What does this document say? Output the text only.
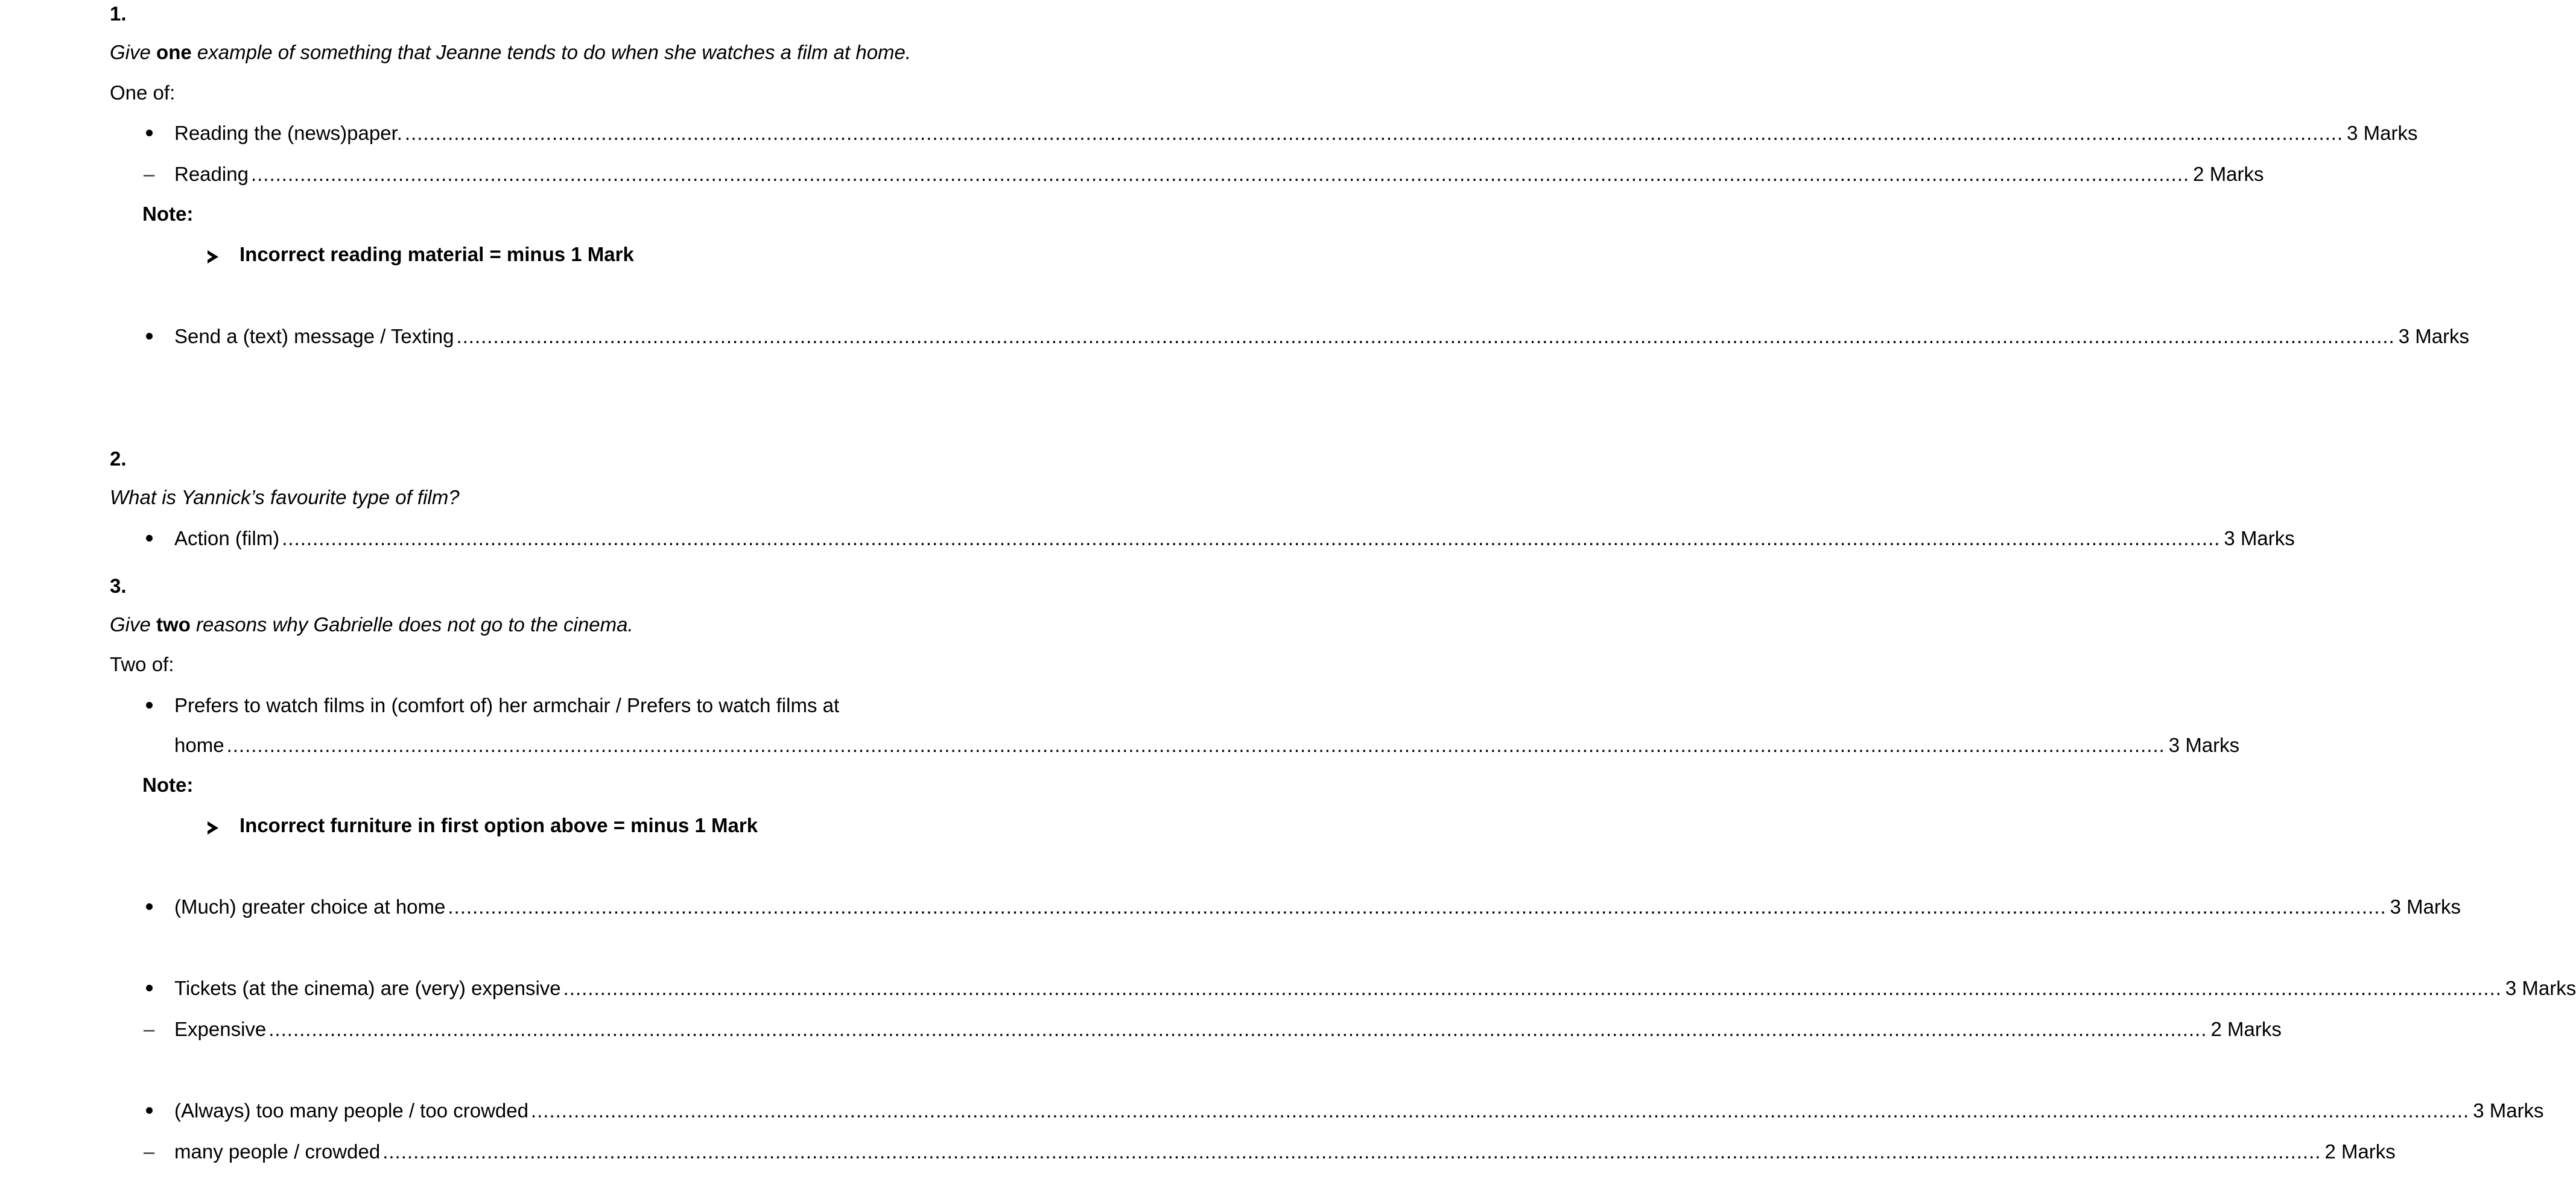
1.
Give one example of something that Jeanne tends to do when she watches a film at home.
One of:
Reading the (news)paper. ............................................................................................................................................................................................................................................................................................................................ 3 Marks
– Reading ............................................................................................................................................................................................................................................................................................................................ 2 Marks
Note:
Incorrect reading material = minus 1 Mark
Send a (text) message / Texting ............................................................................................................................................................................................................................................................................................................................ 3 Marks
2.
What is Yannick’s favourite type of film?
Action (film) ............................................................................................................................................................................................................................................................................................................................ 3 Marks
3.
Give two reasons why Gabrielle does not go to the cinema.
Two of:
Prefers to watch films in (comfort of) her armchair / Prefers to watch films at
home ............................................................................................................................................................................................................................................................................................................................ 3 Marks
Note:
Incorrect furniture in first option above = minus 1 Mark
(Much) greater choice at home ............................................................................................................................................................................................................................................................................................................................ 3 Marks
Tickets (at the cinema) are (very) expensive ............................................................................................................................................................................................................................................................................................................................ 3 Marks
– Expensive ............................................................................................................................................................................................................................................................................................................................ 2 Marks
(Always) too many people / too crowded ............................................................................................................................................................................................................................................................................................................................ 3 Marks
– many people / crowded ............................................................................................................................................................................................................................................................................................................................ 2 Marks
